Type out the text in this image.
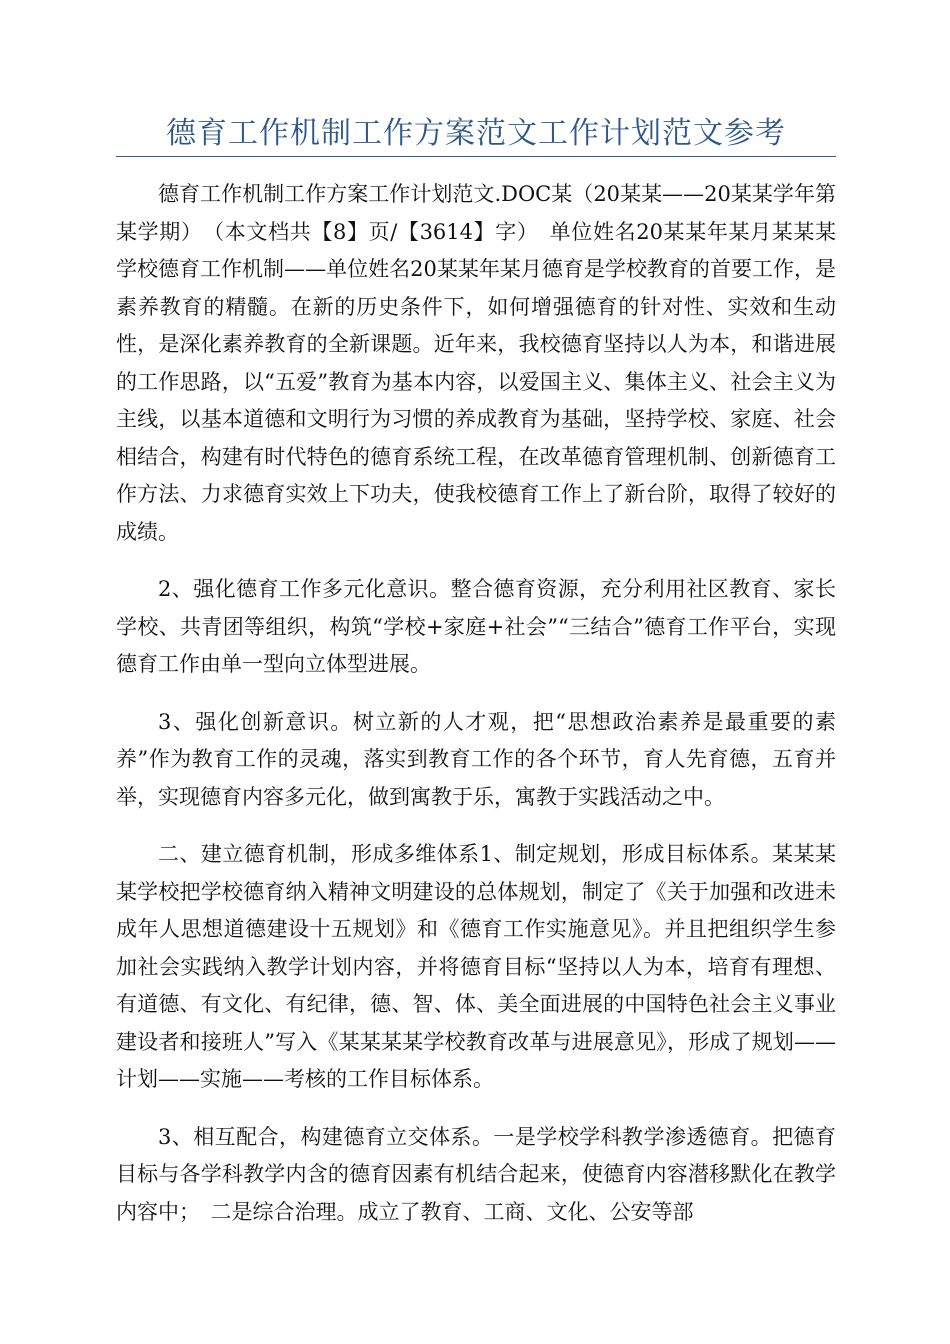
德育工作机制工作方案范文工作计划范文参考

德育工作机制工作方案工作计划范文.DOC某（20某某——20某某学年第某学期）　（本文档共【8】页/【3614】字）　单位姓名20某某年某月某某某学校德育工作机制——单位姓名20某某年某月德育是学校教育的首要工作，是素养教育的精髓。在新的历史条件下，如何增强德育的针对性、实效和生动性，是深化素养教育的全新课题。近年来，我校德育坚持以人为本，和谐进展的工作思路，以“五爱”教育为基本内容，以爱国主义、集体主义、社会主义为主线，以基本道德和文明行为习惯的养成教育为基础，坚持学校、家庭、社会相结合，构建有时代特色的德育系统工程，在改革德育管理机制、创新德育工作方法、力求德育实效上下功夫，使我校德育工作上了新台阶，取得了较好的成绩。

2、强化德育工作多元化意识。整合德育资源，充分利用社区教育、家长学校、共青团等组织，构筑“学校+家庭+社会”“三结合”德育工作平台，实现德育工作由单一型向立体型进展。

3、强化创新意识。树立新的人才观，把“思想政治素养是最重要的素养”作为教育工作的灵魂，落实到教育工作的各个环节，育人先育德，五育并举，实现德育内容多元化，做到寓教于乐，寓教于实践活动之中。

二、建立德育机制，形成多维体系1、制定规划，形成目标体系。某某某某学校把学校德育纳入精神文明建设的总体规划，制定了《关于加强和改进未成年人思想道德建设十五规划》和《德育工作实施意见》。并且把组织学生参加社会实践纳入教学计划内容，并将德育目标“坚持以人为本，培育有理想、有道德、有文化、有纪律，德、智、体、美全面进展的中国特色社会主义事业建设者和接班人”写入《某某某某学校教育改革与进展意见》，形成了规划——计划——实施——考核的工作目标体系。

3、相互配合，构建德育立交体系。一是学校学科教学渗透德育。把德育目标与各学科教学内含的德育因素有机结合起来，使德育内容潜移默化在教学内容中；　二是综合治理。成立了教育、工商、文化、公安等部
